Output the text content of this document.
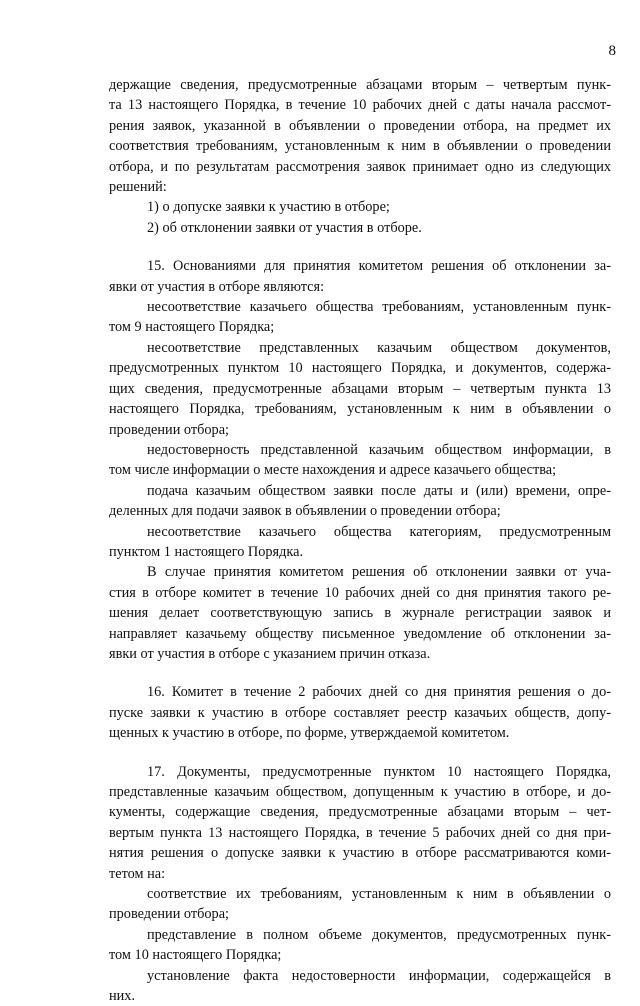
8

держащие сведения, предусмотренные абзацами вторым – четвертым пунк-

та 13 настоящего Порядка, в течение 10 рабочих дней с даты начала рассмот-

рения заявок, указанной в объявлении о проведении отбора, на предмет их

соответствия требованиям, установленным к ним в объявлении о проведении

отбора, и по результатам рассмотрения заявок принимает одно из следующих

решений:

1) о допуске заявки к участию в отборе;

2) об отклонении заявки от участия в отборе.

15. Основаниями для принятия комитетом решения об отклонении за-

явки от участия в отборе являются:

несоответствие казачьего общества требованиям, установленным пунк-

том 9 настоящего Порядка;

несоответствие представленных казачьим обществом документов,

предусмотренных пунктом 10 настоящего Порядка, и документов, содержа-

щих сведения, предусмотренные абзацами вторым – четвертым пункта 13

настоящего Порядка, требованиям, установленным к ним в объявлении о

проведении отбора;

недостоверность представленной казачьим обществом информации, в

том числе информации о месте нахождения и адресе казачьего общества;

подача казачьим обществом заявки после даты и (или) времени, опре-

деленных для подачи заявок в объявлении о проведении отбора;

несоответствие казачьего общества категориям, предусмотренным

пунктом 1 настоящего Порядка.

В случае принятия комитетом решения об отклонении заявки от уча-

стия в отборе комитет в течение 10 рабочих дней со дня принятия такого ре-

шения делает соответствующую запись в журнале регистрации заявок и

направляет казачьему обществу письменное уведомление об отклонении за-

явки от участия в отборе с указанием причин отказа.

16. Комитет в течение 2 рабочих дней со дня принятия решения о до-

пуске заявки к участию в отборе составляет реестр казачьих обществ, допу-

щенных к участию в отборе, по форме, утверждаемой комитетом.

17. Документы, предусмотренные пунктом 10 настоящего Порядка,

представленные казачьим обществом, допущенным к участию в отборе, и до-

кументы, содержащие сведения, предусмотренные абзацами вторым – чет-

вертым пункта 13 настоящего Порядка, в течение 5 рабочих дней со дня при-

нятия решения о допуске заявки к участию в отборе рассматриваются коми-

тетом на:

соответствие их требованиям, установленным к ним в объявлении о

проведении отбора;

представление в полном объеме документов, предусмотренных пунк-

том 10 настоящего Порядка;

установление факта недостоверности информации, содержащейся в

них.
